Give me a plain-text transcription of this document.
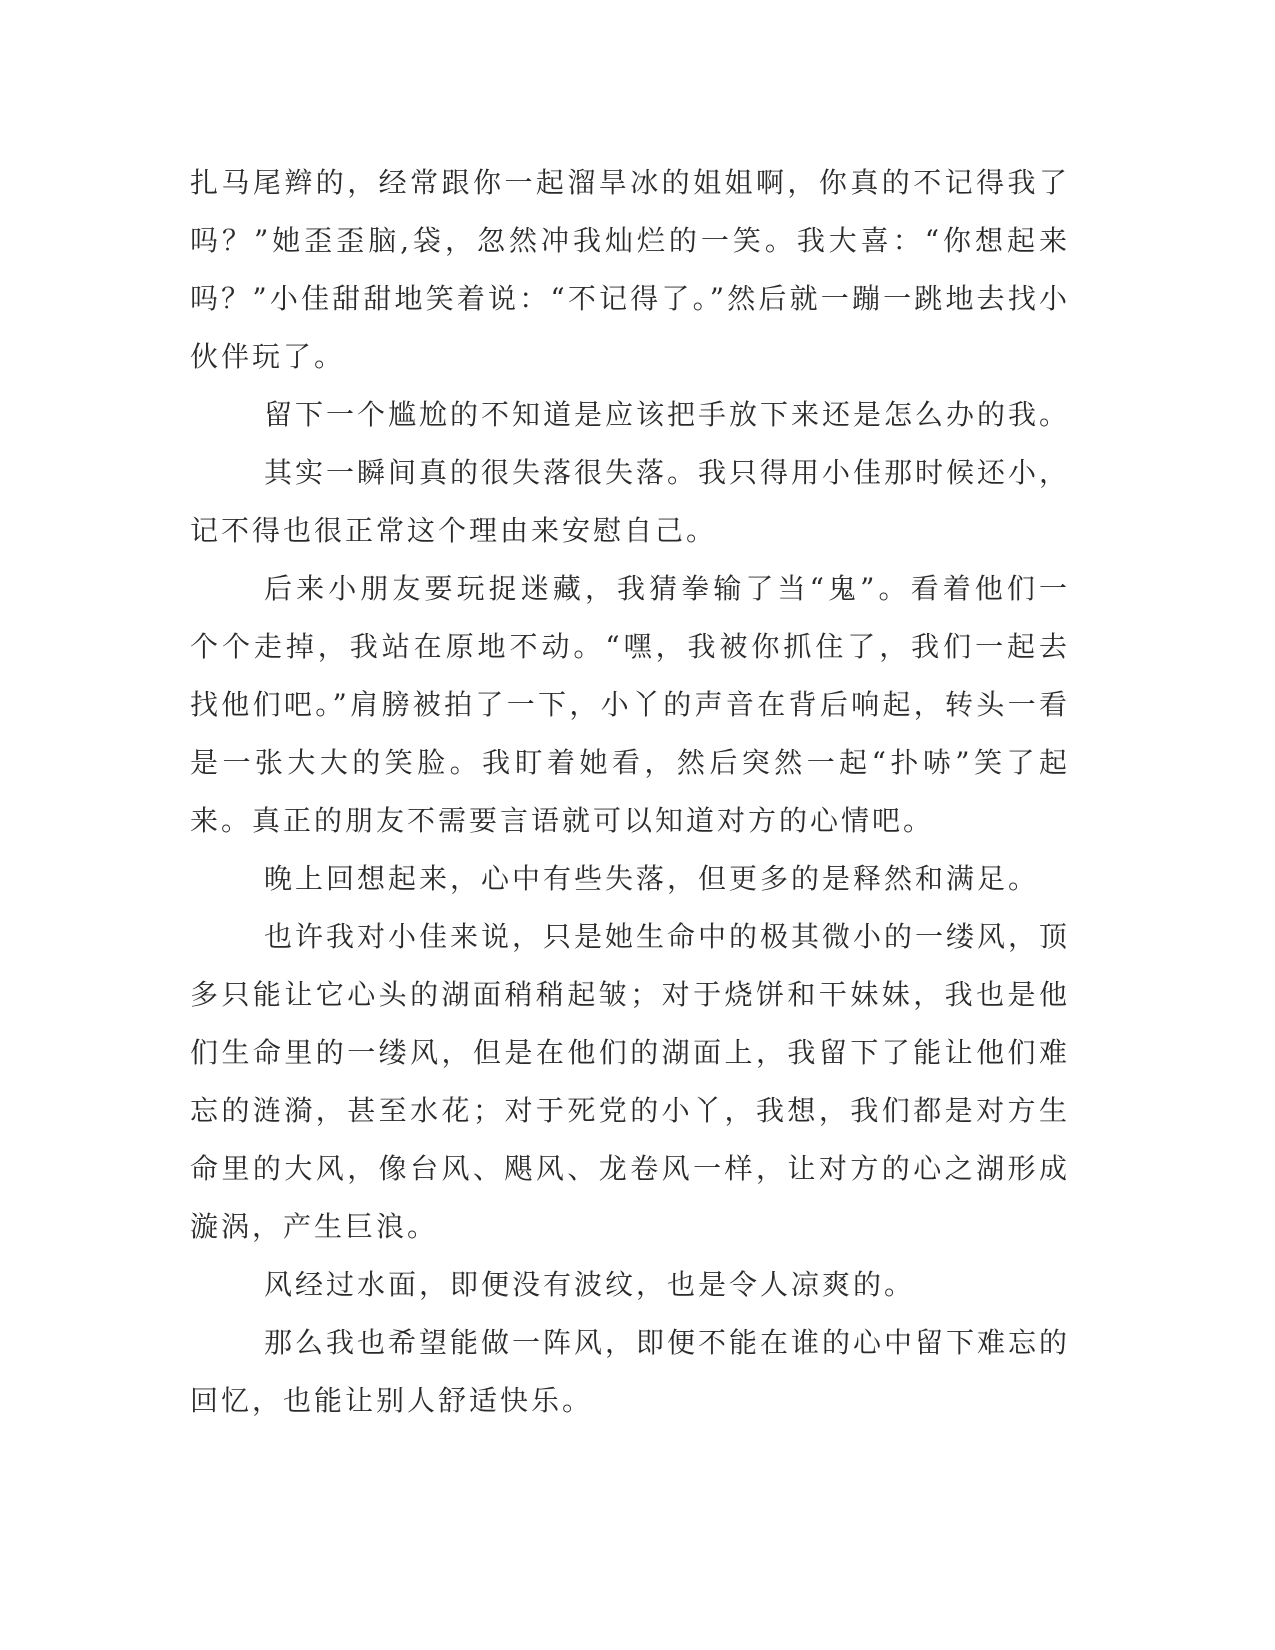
扎马尾辫的，经常跟你一起溜旱冰的姐姐啊，你真的不记得我了吗？”她歪歪脑,袋，忽然冲我灿烂的一笑。我大喜：“你想起来吗？”小佳甜甜地笑着说：“不记得了。”然后就一蹦一跳地去找小伙伴玩了。

留下一个尴尬的不知道是应该把手放下来还是怎么办的我。

其实一瞬间真的很失落很失落。我只得用小佳那时候还小，记不得也很正常这个理由来安慰自己。

后来小朋友要玩捉迷藏，我猜拳输了当“鬼”。看着他们一个个走掉，我站在原地不动。“嘿，我被你抓住了，我们一起去找他们吧。”肩膀被拍了一下，小丫的声音在背后响起，转头一看是一张大大的笑脸。我盯着她看，然后突然一起“扑哧”笑了起来。真正的朋友不需要言语就可以知道对方的心情吧。

晚上回想起来，心中有些失落，但更多的是释然和满足。

也许我对小佳来说，只是她生命中的极其微小的一缕风，顶多只能让它心头的湖面稍稍起皱；对于烧饼和干妹妹，我也是他们生命里的一缕风，但是在他们的湖面上，我留下了能让他们难忘的涟漪，甚至水花；对于死党的小丫，我想，我们都是对方生命里的大风，像台风、飓风、龙卷风一样，让对方的心之湖形成漩涡，产生巨浪。

风经过水面，即便没有波纹，也是令人凉爽的。

那么我也希望能做一阵风，即便不能在谁的心中留下难忘的回忆，也能让别人舒适快乐。
